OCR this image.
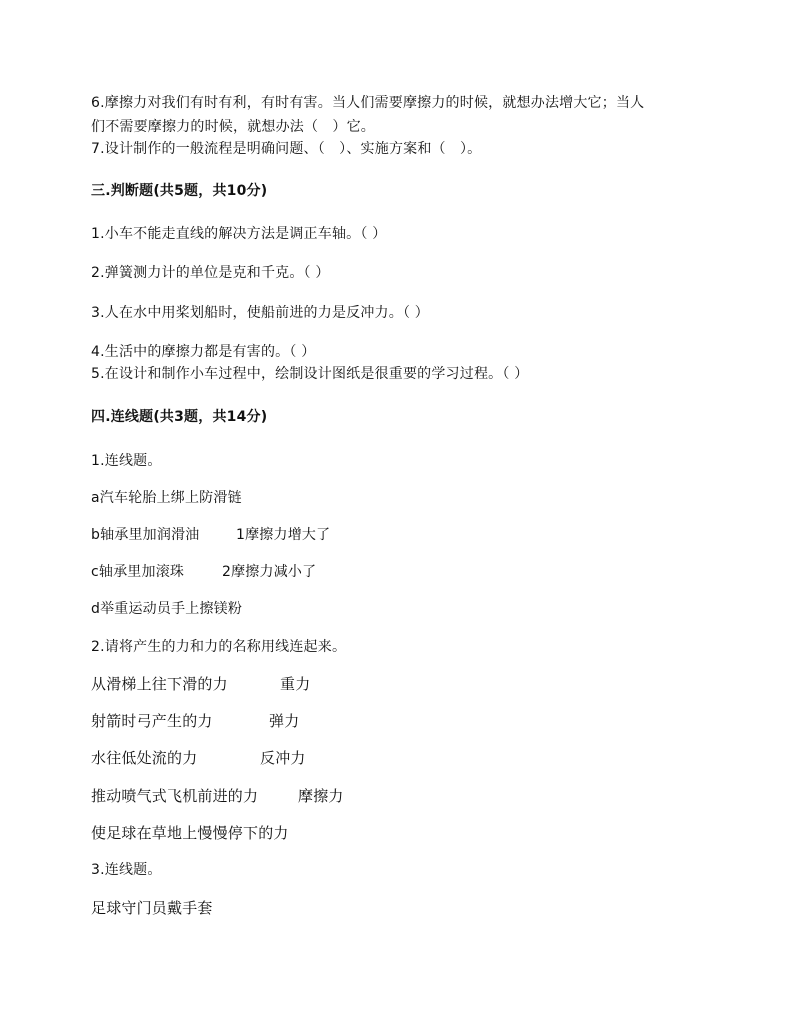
6.摩擦力对我们有时有利，有时有害。当人们需要摩擦力的时候，就想办法增大它；当人
们不需要摩擦力的时候，就想办法（　）它。
7.设计制作的一般流程是明确问题、（　）、实施方案和（　）。
三.判断题(共5题，共10分)
1.小车不能走直线的解决方法是调正车轴。（ ）
2.弹簧测力计的单位是克和千克。（ ）
3.人在水中用桨划船时，使船前进的力是反冲力。（ ）
4.生活中的摩擦力都是有害的。（ ）
5.在设计和制作小车过程中，绘制设计图纸是很重要的学习过程。（ ）
四.连线题(共3题，共14分)
1.连线题。
a汽车轮胎上绑上防滑链
b轴承里加润滑油	1摩擦力增大了
c轴承里加滚珠	2摩擦力减小了
d举重运动员手上擦镁粉
2.请将产生的力和力的名称用线连起来。
从滑梯上往下滑的力	重力
射箭时弓产生的力	弹力
水往低处流的力	反冲力
推动喷气式飞机前进的力	摩擦力
使足球在草地上慢慢停下的力
3.连线题。
足球守门员戴手套
